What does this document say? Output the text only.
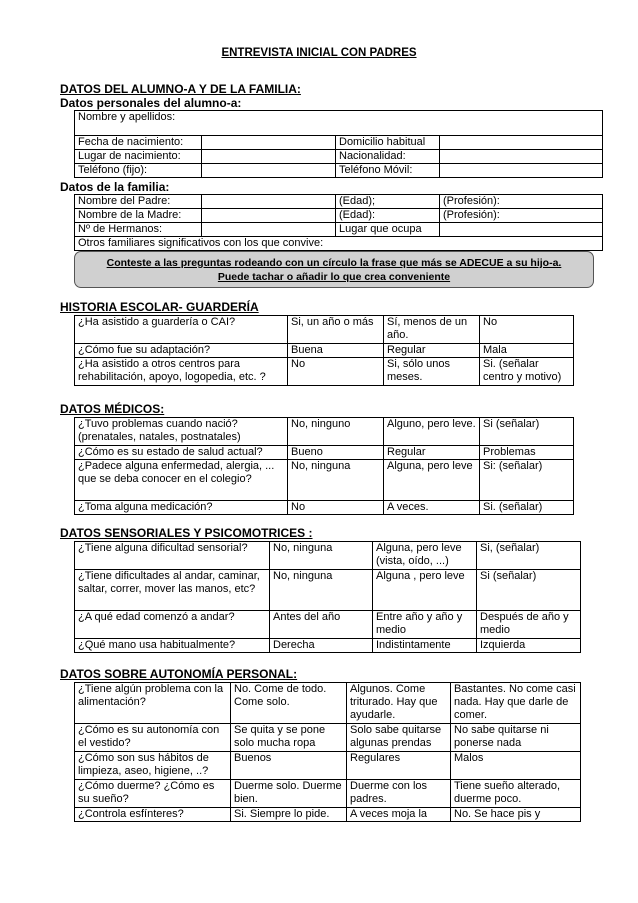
ENTREVISTA INICIAL CON PADRES
DATOS DEL ALUMNO-A Y DE LA FAMILIA:
Datos personales del alumno-a:
Nombre y apellidos:			
Fecha de nacimiento:		Domicilio habitual	
Lugar de nacimiento:		Nacionalidad:	
Teléfono (fijo):		Teléfono Móvil:	
Datos de la familia:
Nombre del Padre:		(Edad);	(Profesión):
Nombre de la Madre:		(Edad):	(Profesión):
Nº de Hermanos:		Lugar que ocupa	
Otros familiares significativos con los que convive:			
Conteste a las preguntas rodeando con un círculo la frase que más se ADECUE a su hijo-a.
Puede tachar o añadir lo que crea conveniente
HISTORIA ESCOLAR- GUARDERÍA
¿Ha asistido a guardería o CAI?	Si, un año o más	Sí, menos de un año.	No
¿Cómo fue su adaptación?	Buena	Regular	Mala
¿Ha asistido a otros centros para rehabilitación, apoyo, logopedia, etc. ?	No	Si, sólo unos meses.	Si. (señalar centro y motivo)
DATOS MÉDICOS:
¿Tuvo problemas cuando nació? (prenatales, natales, postnatales)	No, ninguno	Alguno, pero leve.	Si (señalar)
¿Cómo es su estado de salud actual?	Bueno	Regular	Problemas
¿Padece alguna enfermedad, alergia, ... que se deba conocer en el colegio?	No, ninguna	Alguna, pero leve	Si: (señalar)
¿Toma alguna medicación?	No	A veces.	Si. (señalar)
DATOS SENSORIALES Y PSICOMOTRICES :
¿Tiene alguna dificultad sensorial?	No, ninguna	Alguna, pero leve (vista, oído, ...)	Si, (señalar)
¿Tiene dificultades al andar, caminar, saltar, correr, mover las manos, etc?	No, ninguna	Alguna , pero leve	Si (señalar)
¿A qué edad comenzó a andar?	Antes del año	Entre año y año y medio	Después de año y medio
¿Qué mano usa habitualmente?	Derecha	Indistintamente	Izquierda
DATOS SOBRE AUTONOMÍA PERSONAL:
¿Tiene algún problema con la alimentación?	No. Come de todo. Come solo.	Algunos. Come triturado. Hay que ayudarle.	Bastantes. No come casi nada. Hay que darle de comer.
¿Cómo es su autonomía con el vestido?	Se quita y se pone solo mucha ropa	Solo sabe quitarse algunas prendas	No sabe quitarse ni ponerse nada
¿Cómo son sus hábitos de limpieza, aseo, higiene, ..?	Buenos	Regulares	Malos
¿Cómo duerme? ¿Cómo es su sueño?	Duerme solo. Duerme bien.	Duerme con los padres.	Tiene sueño alterado, duerme poco.
¿Controla esfínteres?	Si. Siempre lo pide.	A veces moja la	No. Se hace pis y
